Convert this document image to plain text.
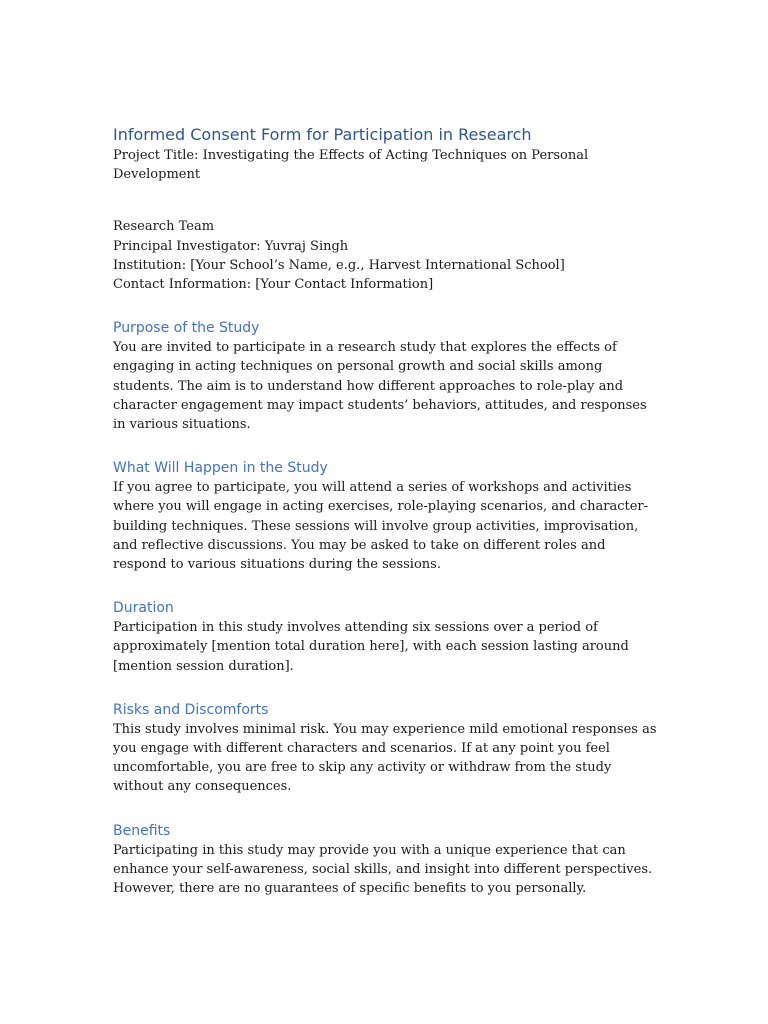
Informed Consent Form for Participation in Research

Project Title: Investigating the Effects of Acting Techniques on Personal Development

Research Team

Principal Investigator: Yuvraj Singh

Institution: [Your School’s Name, e.g., Harvest International School]

Contact Information: [Your Contact Information]

Purpose of the Study

You are invited to participate in a research study that explores the effects of engaging in acting techniques on personal growth and social skills among students. The aim is to understand how different approaches to role-play and character engagement may impact students’ behaviors, attitudes, and responses in various situations.

What Will Happen in the Study

If you agree to participate, you will attend a series of workshops and activities where you will engage in acting exercises, role-playing scenarios, and character-building techniques. These sessions will involve group activities, improvisation, and reflective discussions. You may be asked to take on different roles and respond to various situations during the sessions.

Duration

Participation in this study involves attending six sessions over a period of approximately [mention total duration here], with each session lasting around [mention session duration].

Risks and Discomforts

This study involves minimal risk. You may experience mild emotional responses as you engage with different characters and scenarios. If at any point you feel uncomfortable, you are free to skip any activity or withdraw from the study without any consequences.

Benefits

Participating in this study may provide you with a unique experience that can enhance your self-awareness, social skills, and insight into different perspectives. However, there are no guarantees of specific benefits to you personally.
